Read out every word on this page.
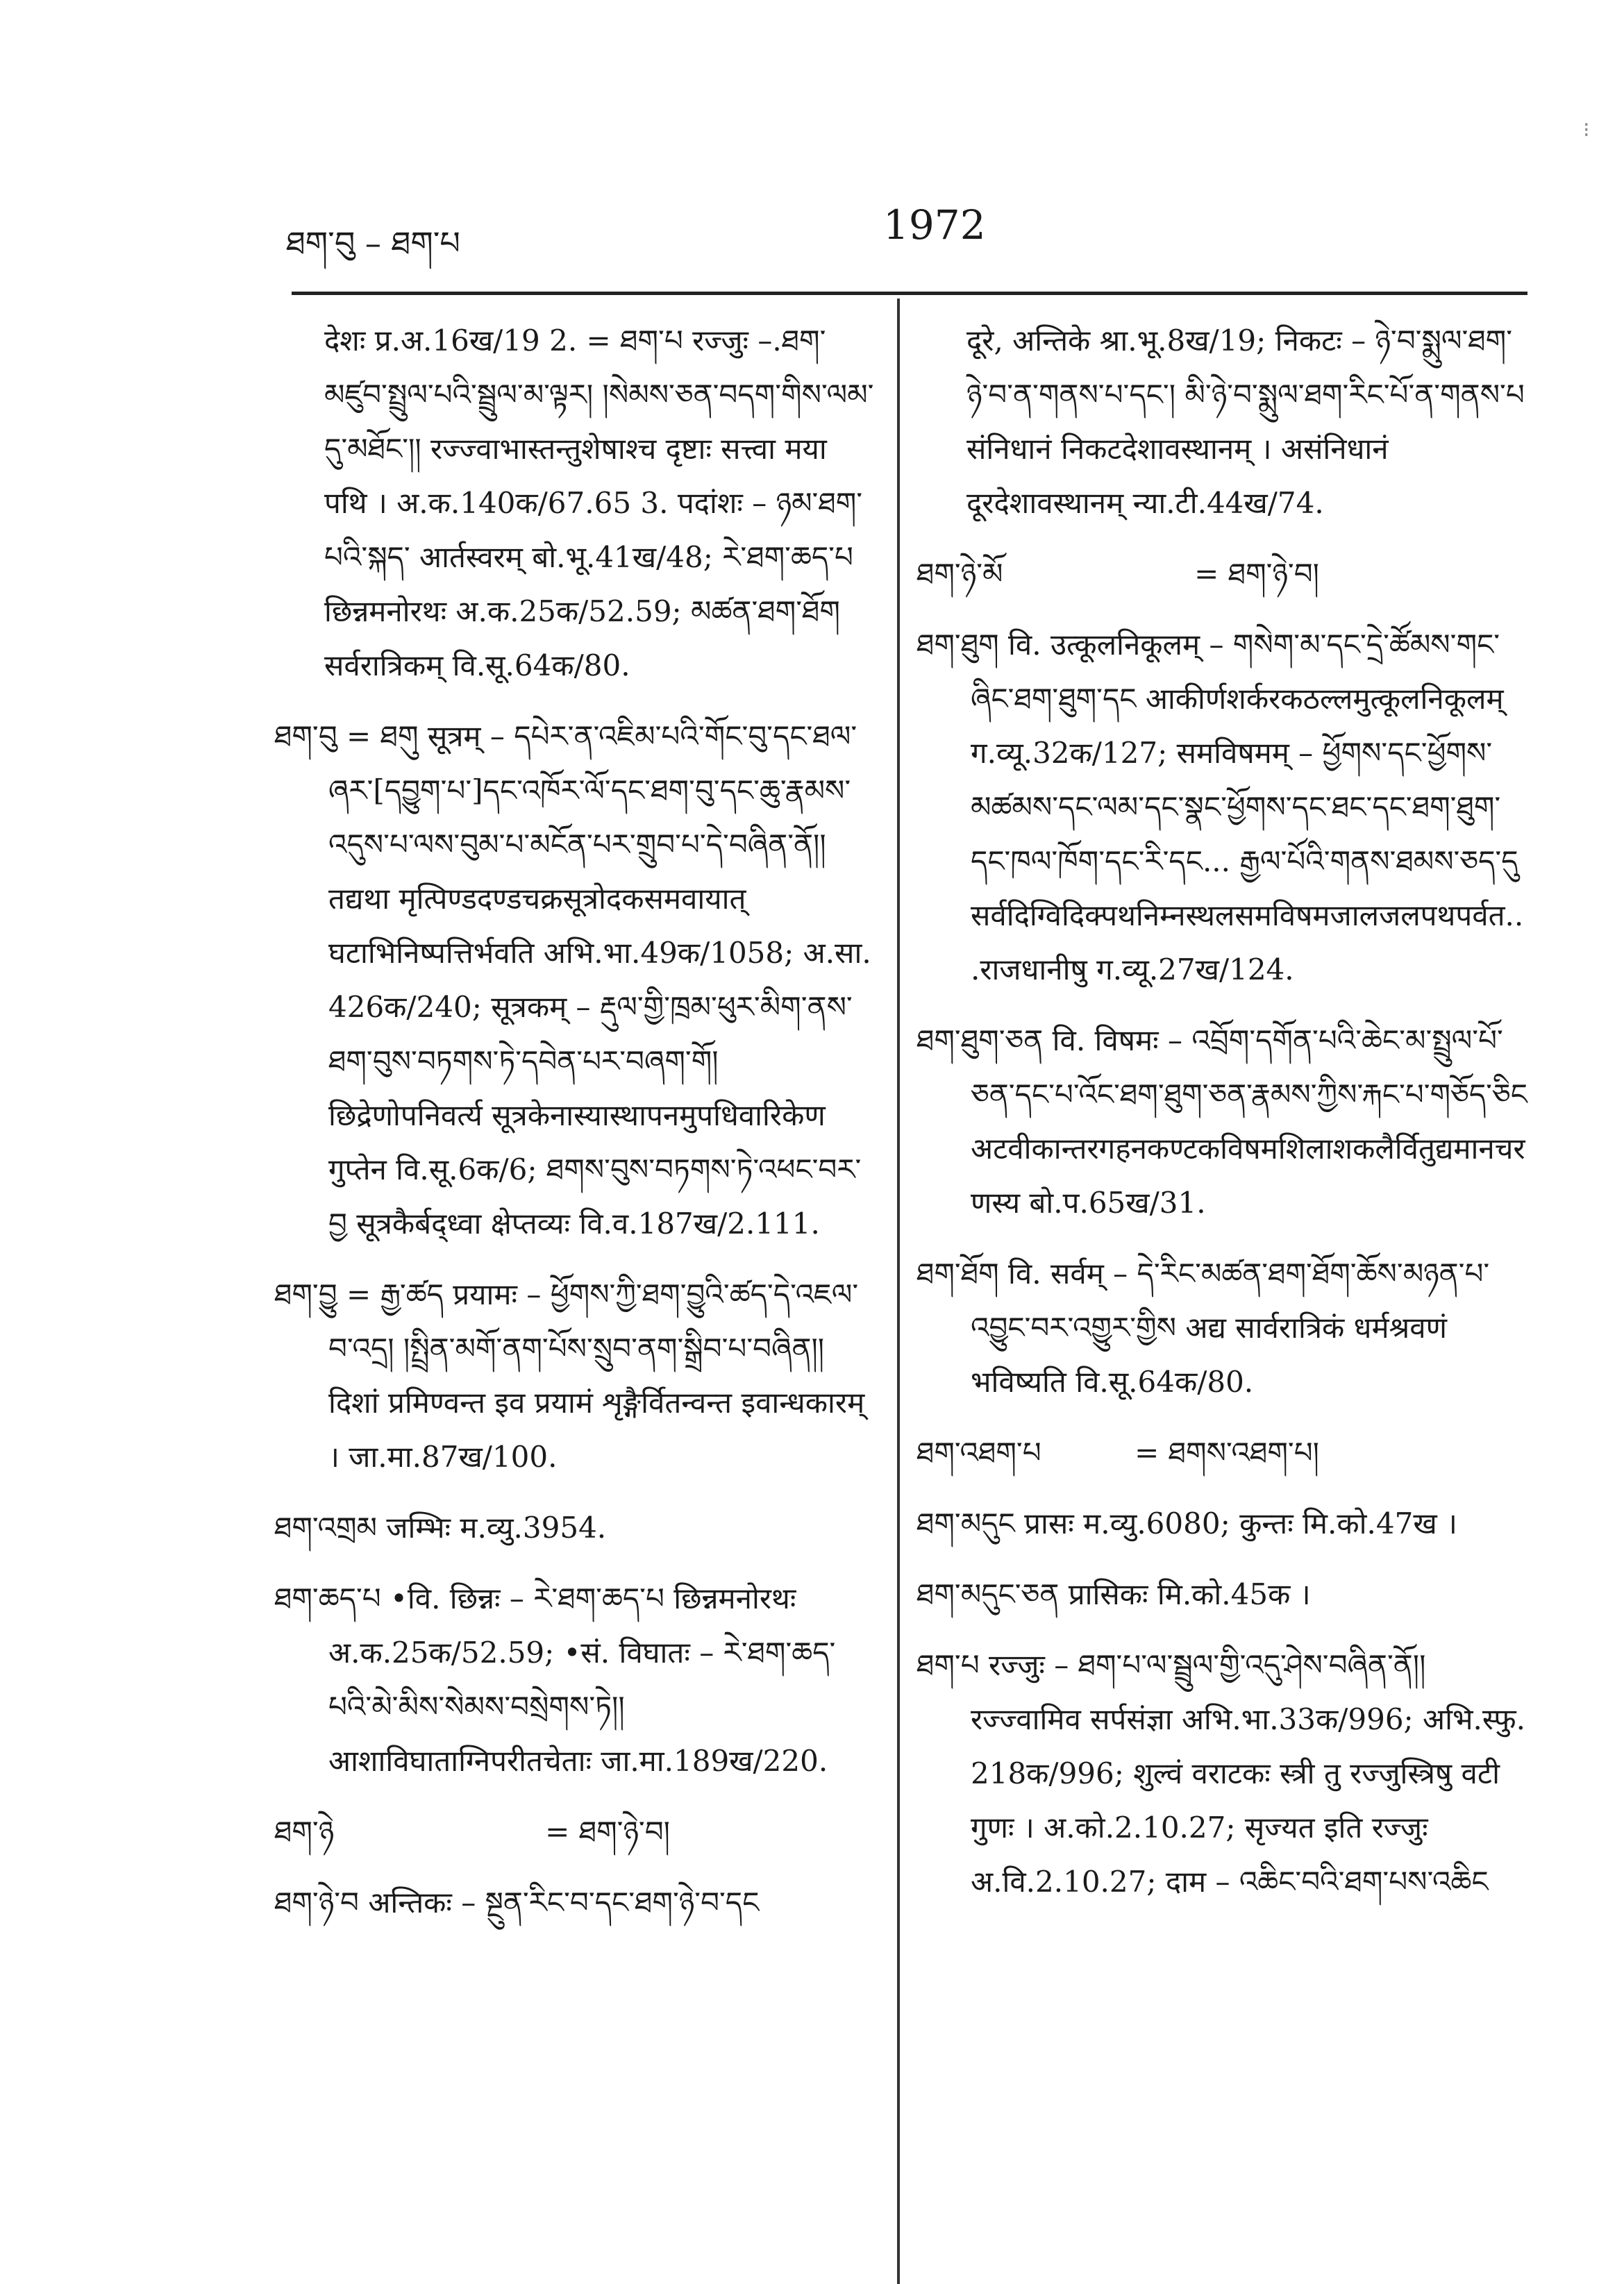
ཐག་བུ – ཐག་པ	1972
⁝
देशः प्र.अ.16ख/19 2. = ཐག་པ रज्जुः –.ཐག་མཛུབ་སྤྲུལ་པའི་སྦྲུལ་མ་ལྟར། །སེམས་ཅན་བདག་གིས་ལམ་དུ་མཐོང་།། रज्ज्वाभास्तन्तुशेषाश्च दृष्टाः सत्त्वा मया पथि । अ.क.140क/67.65 3. पदांशः – ཉམ་ཐག་པའི་སྐད་ आर्तस्वरम् बो.भू.41ख/48; རེ་ཐག་ཆད་པ छिन्नमनोरथः अ.क.25क/52.59; མཚན་ཐག་ཐོག सर्वरात्रिकम् वि.सू.64क/80.
ཐག་བུ = ཐགུ सूत्रम् – དཔེར་ན་འཇིམ་པའི་གོང་བུ་དང་ཐལ་ཞར་[དབྱུག་པ་]དང་འཁོར་ལོ་དང་ཐག་བུ་དང་ཆུ་རྣམས་འདུས་པ་ལས་བུམ་པ་མངོན་པར་གྲུབ་པ་དེ་བཞིན་ནོ།། तद्यथा मृत्पिण्डदण्डचक्रसूत्रोदकसमवायात् घटाभिनिष्पत्तिर्भवति अभि.भा.49क/1058; अ.सा. 426क/240; सूत्रकम् – རྡུལ་གྱི་ཁྲམ་ཕུར་མིག་ནས་ཐག་བུས་བཏགས་ཏེ་དབེན་པར་བཞག་གོ། छिद्रेणोपनिवर्त्य सूत्रकेनास्यास्थापनमुपधिवारिकेण गुप्तेन वि.सू.6क/6; ཐགས་བུས་བཏགས་ཏེ་འཕང་བར་བྱ सूत्रकैर्बद्ध्वा क्षेप्तव्यः वि.व.187ख/2.111.
ཐག་བྱུ = རྒྱ་ཚད प्रयामः – ཕྱོགས་ཀྱི་ཐག་བྱུའི་ཚད་དེ་འཇལ་བ་འདྲ། །སྤྲིན་མགོ་ནག་པོས་སྲུབ་ནག་སྒྲིབ་པ་བཞིན།། दिशां प्रमिण्वन्त इव प्रयामं शृङ्गैर्वितन्वन्त इवान्धकारम् । जा.मा.87ख/100.
ཐག་འགྲམ जम्भिः म.व्यु.3954.
ཐག་ཆད་པ •वि. छिन्नः – རེ་ཐག་ཆད་པ छिन्नमनोरथः अ.क.25क/52.59; •सं. विघातः – རེ་ཐག་ཆད་པའི་མེ་མིས་སེམས་བསྲེགས་ཏེ།། आशाविघाताग्निपरीतचेताः जा.मा.189ख/220.
ཐག་ཉེ	= ཐག་ཉེ་བ།
ཐག་ཉེ་བ अन्तिकः – སྔུན་རིང་བ་དང་ཐག་ཉེ་བ་དང
दूरे, अन्तिके श्रा.भू.8ख/19; निकटः – ཉེ་བ་སྨུལ་ཐག་ཉེ་བ་ན་གནས་པ་དང་། མི་ཉེ་བ་སྨུལ་ཐག་རིང་པོ་ན་གནས་པ संनिधानं निकटदेशावस्थानम् । असंनिधानं दूरदेशावस्थानम् न्या.टी.44ख/74.
ཐག་ཉེ་མོ	= ཐག་ཉེ་བ།
ཐག་ཐུག वि. उत्कूलनिकूलम् – གསེག་མ་དང་དྲེ་ཚོམས་གང་ཞིང་ཐག་ཐུག་དང आकीर्णशर्करकठल्लमुत्कूलनिकूलम् ग.व्यू.32क/127; समविषमम् – ཕྱོགས་དང་ཕྱོགས་མཚམས་དང་ལམ་དང་སྣང་ཕྱོགས་དང་ཐང་དང་ཐག་ཐུག་དང་ཁལ་ཁོག་དང་རི་དང... རྒྱལ་པོའི་གནས་ཐམས་ཅད་དུ सर्वदिग्विदिक्पथनिम्नस्थलसमविषमजालजलपथपर्वत...राजधानीषु ग.व्यू.27ख/124.
ཐག་ཐུག་ཅན वि. विषमः – འབྲོག་དགོན་པའི་ཆེང་མ་སྤྲུལ་པོ་ཅན་དང་པ་འོང་ཐག་ཐུག་ཅན་རྣམས་ཀྱིས་རྐང་པ་གཅོད་ཅིང अटवीकान्तरगहनकण्टकविषमशिलाशकलैर्वितुद्यमानचरणस्य बो.प.65ख/31.
ཐག་ཐོག वि. सर्वम् – དེ་རིང་མཚན་ཐག་ཐོག་ཆོས་མཉན་པ་འབྱུང་བར་འགྱུར་གྱིས अद्य सार्वरात्रिकं धर्मश्रवणं भविष्यति वि.सू.64क/80.
ཐག་འཐག་པ	= ཐགས་འཐག་པ།
ཐག་མདུང प्रासः म.व्यु.6080; कुन्तः मि.को.47ख ।
ཐག་མདུང་ཅན प्रासिकः मि.को.45क ।
ཐག་པ रज्जुः – ཐག་པ་ལ་སྦྲུལ་གྱི་འདུ་ཤེས་བཞིན་ནོ།། रज्ज्वामिव सर्पसंज्ञा अभि.भा.33क/996; अभि.स्फु. 218क/996; शुल्वं वराटकः स्त्री तु रज्जुस्त्रिषु वटी गुणः । अ.को.2.10.27; सृज्यत इति रज्जुः अ.वि.2.10.27; दाम – འཆིང་བའི་ཐག་པས་འཆིང
